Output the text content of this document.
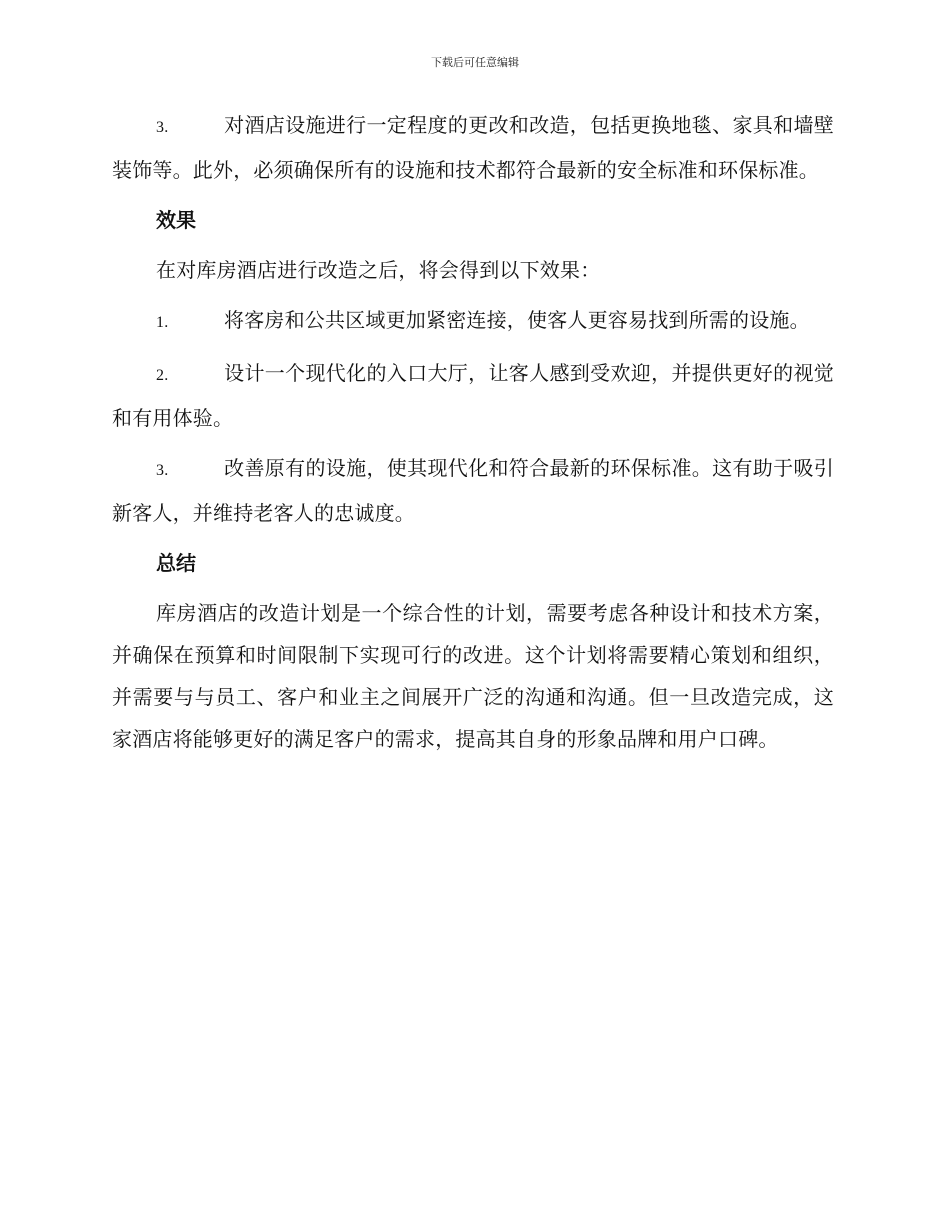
下载后可任意编辑

3.	对酒店设施进行一定程度的更改和改造，包括更换地毯、家具和墙壁装饰等。此外，必须确保所有的设施和技术都符合最新的安全标准和环保标准。

效果

在对库房酒店进行改造之后，将会得到以下效果：

1.	将客房和公共区域更加紧密连接，使客人更容易找到所需的设施。

2.	设计一个现代化的入口大厅，让客人感到受欢迎，并提供更好的视觉和有用体验。

3.	改善原有的设施，使其现代化和符合最新的环保标准。这有助于吸引新客人，并维持老客人的忠诚度。

总结

库房酒店的改造计划是一个综合性的计划，需要考虑各种设计和技术方案，并确保在预算和时间限制下实现可行的改进。这个计划将需要精心策划和组织，并需要与与员工、客户和业主之间展开广泛的沟通和沟通。但一旦改造完成，这家酒店将能够更好的满足客户的需求，提高其自身的形象品牌和用户口碑。
